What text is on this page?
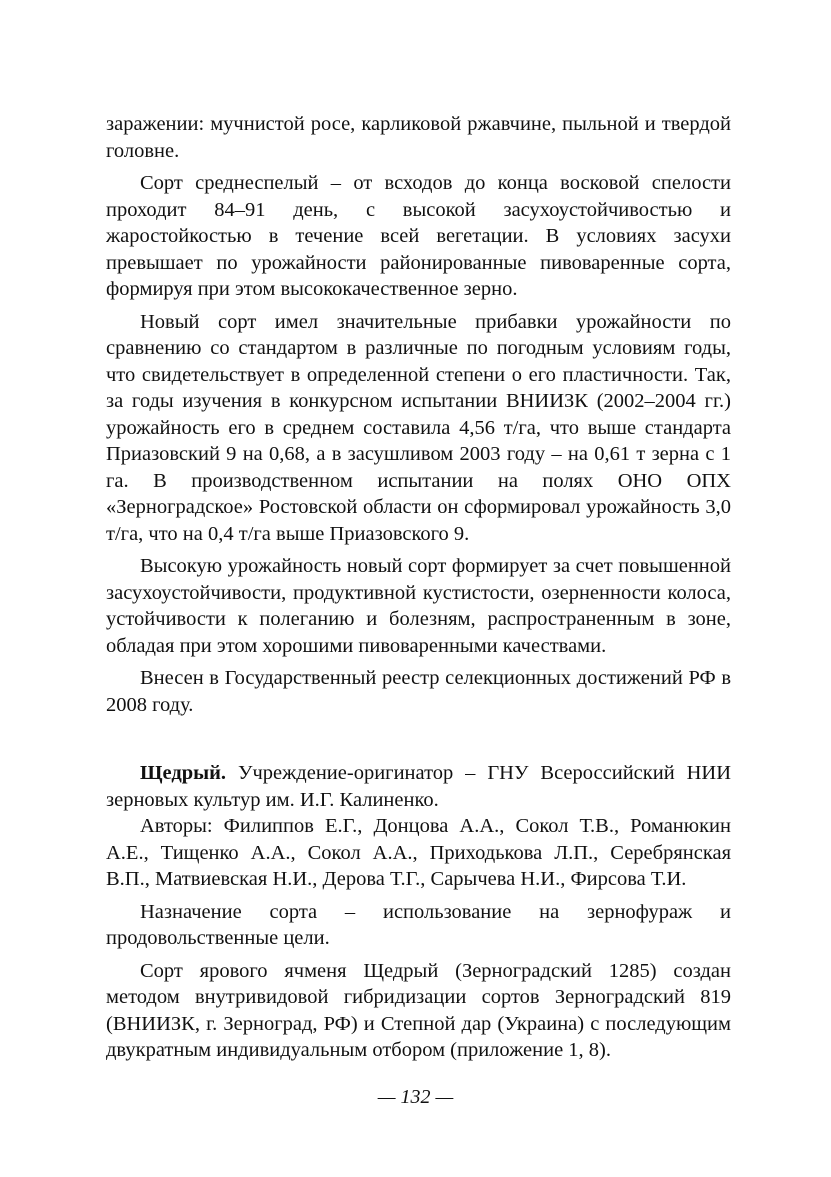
заражении: мучнистой росе, карликовой ржавчине, пыльной и твердой головне.

Сорт среднеспелый – от всходов до конца восковой спелости проходит 84–91 день, с высокой засухоустойчивостью и жаростойкостью в течение всей вегетации. В условиях засухи превышает по урожайности районированные пивоваренные сорта, формируя при этом высококачественное зерно.

Новый сорт имел значительные прибавки урожайности по сравнению со стандартом в различные по погодным условиям годы, что свидетельствует в определенной степени о его пластичности. Так, за годы изучения в конкурсном испытании ВНИИЗК (2002–2004 гг.) урожайность его в среднем составила 4,56 т/га, что выше стандарта Приазовский 9 на 0,68, а в засушливом 2003 году – на 0,61 т зерна с 1 га. В производственном испытании на полях ОНО ОПХ «Зерноградское» Ростовской области он сформировал урожайность 3,0 т/га, что на 0,4 т/га выше Приазовского 9.

Высокую урожайность новый сорт формирует за счет повышенной засухоустойчивости, продуктивной кустистости, озерненности колоса, устойчивости к полеганию и болезням, распространенным в зоне, обладая при этом хорошими пивоваренными качествами.

Внесен в Государственный реестр селекционных достижений РФ в 2008 году.

Щедрый. Учреждение-оригинатор – ГНУ Всероссийский НИИ зерновых культур им. И.Г. Калиненко.

Авторы: Филиппов Е.Г., Донцова А.А., Сокол Т.В., Романюкин А.Е., Тищенко А.А., Сокол А.А., Приходькова Л.П., Серебрянская В.П., Матвиевская Н.И., Дерова Т.Г., Сарычева Н.И., Фирсова Т.И.

Назначение сорта – использование на зернофураж и продовольственные цели.

Сорт ярового ячменя Щедрый (Зерноградский 1285) создан методом внутривидовой гибридизации сортов Зерноградский 819 (ВНИИЗК, г. Зерноград, РФ) и Степной дар (Украина) с последующим двукратным индивидуальным отбором (приложение 1, 8).

— 132 —
